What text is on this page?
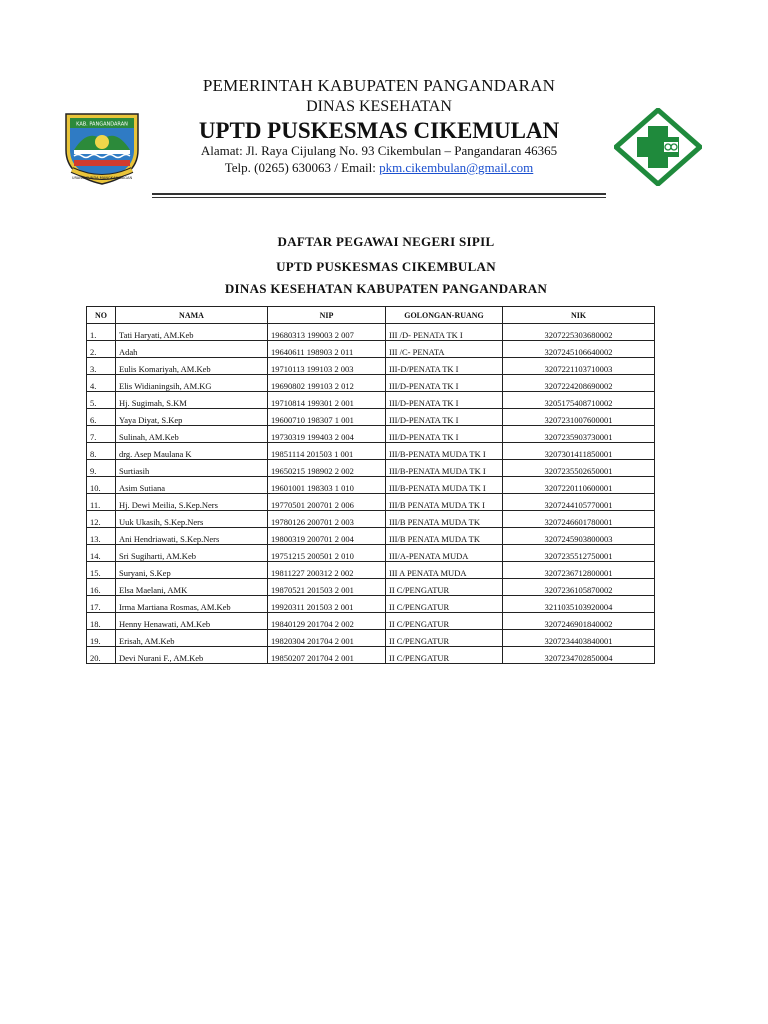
KAB. PANGANDARAN
URANG SUNDA MANGKAN BAGAN
PEMERINTAH KABUPATEN PANGANDARAN
DINAS KESEHATAN
UPTD PUSKESMAS CIKEMULAN
Alamat: Jl. Raya Cijulang No. 93 Cikembulan – Pangandaran 46365
Telp. (0265) 630063 / Email: pkm.cikembulan@gmail.com
DAFTAR PEGAWAI NEGERI SIPIL
UPTD PUSKESMAS CIKEMBULAN
DINAS KESEHATAN KABUPATEN PANGANDARAN
NO	NAMA	NIP	GOLONGAN-RUANG	NIK
1.	Tati Haryati, AM.Keb	19680313 199003 2 007	III /D- PENATA TK I	3207225303680002
2.	Adah	19640611 198903 2 011	III /C- PENATA	3207245106640002
3.	Eulis Komariyah, AM.Keb	19710113 199103 2 003	III-D/PENATA TK I	3207221103710003
4.	Elis Widianingsih, AM.KG	19690802 199103 2 012	III/D-PENATA TK I	3207224208690002
5.	Hj. Sugimah, S.KM	19710814 199301 2 001	III/D-PENATA TK I	3205175408710002
6.	Yaya Diyat, S.Kep	19600710 198307 1 001	III/D-PENATA TK I	3207231007600001
7.	Sulinah, AM.Keb	19730319 199403 2 004	III/D-PENATA TK I	3207235903730001
8.	drg. Asep Maulana K	19851114 201503 1 001	III/B-PENATA MUDA TK I	3207301411850001
9.	Surtiasih	19650215 198902 2 002	III/B-PENATA MUDA TK I	3207235502650001
10.	Asim Sutiana	19601001 198303 1 010	III/B-PENATA MUDA TK I	3207220110600001
11.	Hj. Dewi Meilia, S.Kep.Ners	19770501 200701 2 006	III/B PENATA MUDA TK I	3207244105770001
12.	Uuk Ukasih, S.Kep.Ners	19780126 200701 2 003	III/B PENATA MUDA TK	3207246601780001
13.	Ani Hendriawati, S.Kep.Ners	19800319 200701 2 004	III/B PENATA MUDA TK	3207245903800003
14.	Sri Sugiharti, AM.Keb	19751215 200501 2 010	III/A-PENATA MUDA	3207235512750001
15.	Suryani, S.Kep	19811227 200312 2 002	III A PENATA MUDA	3207236712800001
16.	Elsa Maelani, AMK	19870521 201503 2 001	II C/PENGATUR	3207236105870002
17.	Irma Martiana Rosmas, AM.Keb	19920311 201503 2 001	II C/PENGATUR	3211035103920004
18.	Henny Henawati, AM.Keb	19840129 201704 2 002	II C/PENGATUR	3207246901840002
19.	Erisah, AM.Keb	19820304 201704 2 001	II C/PENGATUR	3207234403840001
20.	Devi Nurani F., AM.Keb	19850207 201704 2 001	II C/PENGATUR	3207234702850004
